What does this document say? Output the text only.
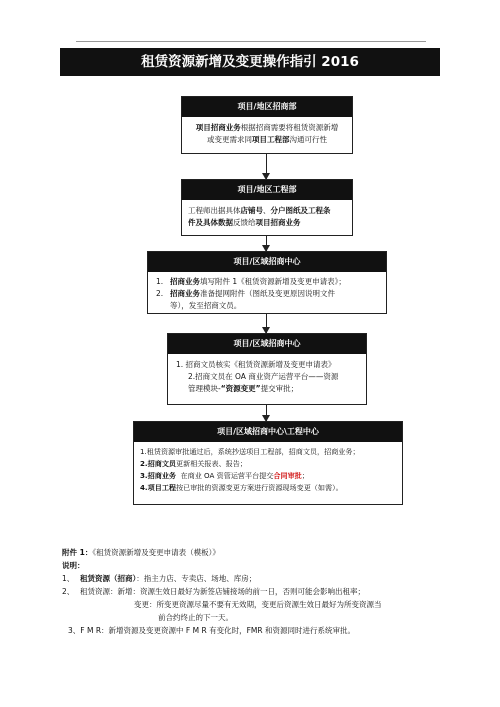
租赁资源新增及变更操作指引 2016
项目/地区招商部
项目招商业务根据招商需要将租赁资源新增
或变更需求同项目工程部沟通可行性
项目/地区工程部
工程师出据具体店铺号、分户图纸及工程条
件及具体数据反馈给项目招商业务
项目/区域招商中心
1. 招商业务填写附件 1《租赁资源新增及变更申请表》；
2. 招商业务准备提网附件（图纸及变更原因说明文件
等），发至招商文员。
项目/区域招商中心
1. 招商文员核实《租赁资源新增及变更申请表》
2.招商文员在 OA 商业资产运营平台——资源
管理模块-“资源变更”提交审批；
项目/区域招商中心\工程中心
1.租赁资源审批通过后，系统抄送项目工程部，招商文员，招商业务；
2.招商文员更新相关报表、报告；
3.招商业务  在商业 OA 资管运营平台提交合同审批；
4.项目工程按已审批的资源变更方案进行资源现场变更（如需）。
附件 1：《租赁资源新增及变更申请表（模板）》
说明：
1、 租赁资源（招商）：指主力店、专卖店、场地、库房；
2、 租赁资源：新增：资源生效日最好为新签店铺接场的前一日，否则可能会影响出租率；
变更：所变更资源尽量不要有无效期，变更后资源生效日最好为所变资源当
前合约终止的下一天。
3、F M R：新增资源及变更资源中 F M R 有变化时，FMR 和资源同时进行系统审批。
